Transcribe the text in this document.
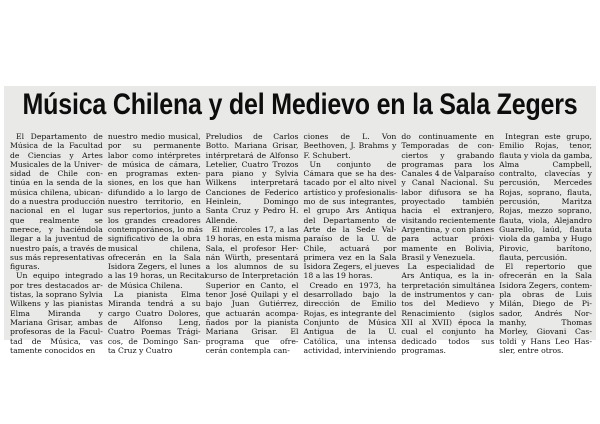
Música Chilena y del Medievo en la Sala Zegers
El Departamento de
Música de la Facultad
de Ciencias y Artes
Musicales de la Univer-
sidad de Chile con-
tinúa en la senda de la
música chilena, ubican-
do a nuestra producción
nacional en el lugar
que realmente se
merece, y haciéndola
llegar a la juventud de
nuestro país, a través de
sus más representativas
figuras.
Un equipo integrado
por tres destacados ar-
tistas, la soprano Sylvia
Wilkens y las pianistas
Elma Miranda y
Mariana Grisar, ambas
profesoras de la Facul-
tad de Música, vas
tamente conocidos en
nuestro medio musical,
por su permanente
labor como intérpretes
de música de cámara,
en programas exten-
siones, en los que han
difundido a lo largo de
nuestro territorio, en
sus repertorios, junto a
los grandes creadores
contemporáneos, lo más
significativo de la obra
musical chilena,
ofrecerán en la Sala
Isidora Zegers, el lunes
a las 19 horas, un Recital
de Música Chilena.
La pianista Elma
Miranda tendrá a su
cargo Cuatro Dolores,
de Alfonso Leng,
Cuatro Poemas Trági-
cos, de Domingo San-
ta Cruz y Cuatro
Preludios de Carlos
Botto. Mariana Grisar,
intérpretará de Alfonso
Letelier, Cuatro Trozos
para piano y Sylvia
Wilkens interpretará
Canciones de Federico
Heinlein, Domingo
Santa Cruz y Pedro H.
Allende.
El miércoles 17, a las
19 horas, en esta misma
Sala, el profesor Her-
nán Würth, presentará
a los alumnos de su
curso de Interpretación
Superior en Canto, el
tenor José Quilapi y el
bajo Juan Gutiérrez,
que actuarán acompa-
ñados por la pianista
Mariana Grisar. El
programa que ofre-
cerán contempla can-
ciones de L. Von
Beethoven, J. Brahms y
F. Schubert.
Un conjunto de
Cámara que se ha des-
tacado por el alto nivel
artístico y profesionalis-
mo de sus integrantes,
el grupo Ars Antiqua
del Departamento de
Arte de la Sede Val-
paraíso de la U. de
Chile, actuará por
primera vez en la Sala
Isidora Zegers, el jueves
18 a las 19 horas.
Creado en 1973, ha
desarrollado bajo la
dirección de Emilio
Rojas, es integrante del
Conjunto de Música
Antigua de la U.
Católica, una intensa
actividad, interviniendo
do continuamente en
Temporadas de con-
ciertos y grabando
programas para los
Canales 4 de Valparaíso
y Canal Nacional. Su
labor difusora se ha
proyectado también
hacia el extranjero,
visitando recientemente
Argentina, y con planes
para actuar próxi-
mamente en Bolivia,
Brasil y Venezuela.
La especialidad de
Ars Antiqua, es la in-
terpretación simultánea
de instrumentos y can-
tos del Medievo y
Renacimiento (siglos
XII al XVII) época la
cual el conjunto ha
dedicado todos sus
programas.
Integran este grupo,
Emilio Rojas, tenor,
flauta y viola da gamba,
Alma Campbell,
contralto, clavecías y
percusión, Mercedes
Rojas, soprano, flauta,
percusión, Maritza
Rojas, mezzo soprano,
flauta, viola, Alejandro
Guarello, laúd, flauta
viola da gamba y Hugo
Pirovic, barítono,
flauta, percusión.
El repertorio que
ofrecerán en la Sala
Isidora Zegers, contem-
pla obras de Luis
Milán, Diego de Pi-
sador, Andrés Nor-
manhy, Thomas
Morley, Giovani Cas-
toldi y Hans Leo Has-
sler, entre otros.
